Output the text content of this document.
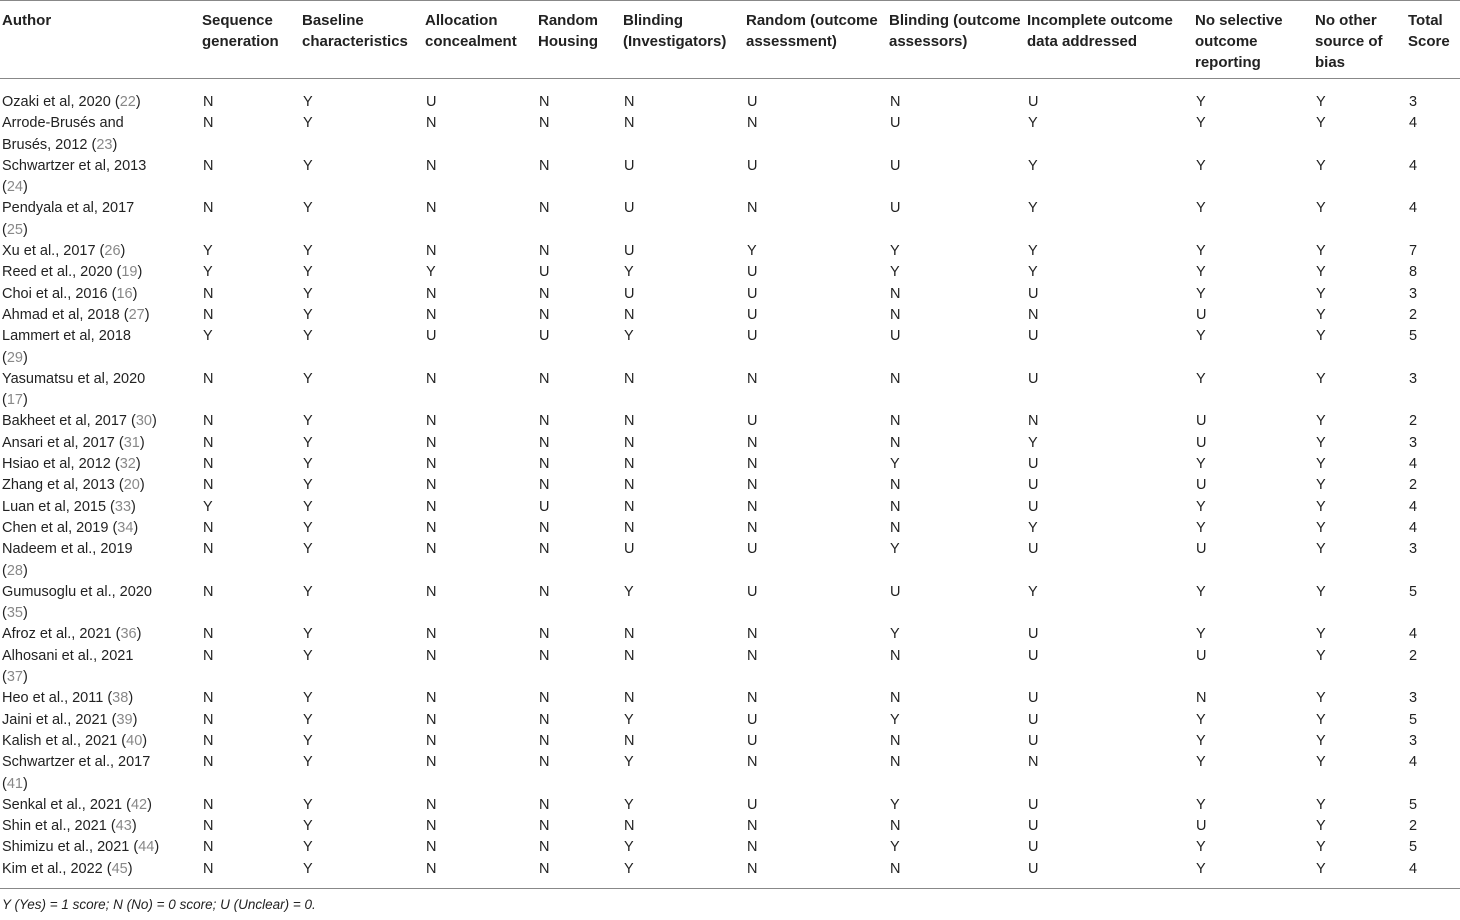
Author	Sequence generation	Baseline characteristics	Allocation concealment	Random Housing	Blinding (Investigators)	Random (outcome assessment)	Blinding (outcome assessors)	Incomplete outcome data addressed	No selective outcome reporting	No other source of bias	Total Score
Ozaki et al, 2020 (22)	N	Y	U	N	N	U	N	U	Y	Y	3
Arrode-Brusés and Brusés, 2012 (23)	N	Y	N	N	N	N	U	Y	Y	Y	4
Schwartzer et al, 2013 (24)	N	Y	N	N	U	U	U	Y	Y	Y	4
Pendyala et al, 2017 (25)	N	Y	N	N	U	N	U	Y	Y	Y	4
Xu et al., 2017 (26)	Y	Y	N	N	U	Y	Y	Y	Y	Y	7
Reed et al., 2020 (19)	Y	Y	Y	U	Y	U	Y	Y	Y	Y	8
Choi et al., 2016 (16)	N	Y	N	N	U	U	N	U	Y	Y	3
Ahmad et al, 2018 (27)	N	Y	N	N	N	U	N	N	U	Y	2
Lammert et al, 2018 (29)	Y	Y	U	U	Y	U	U	U	Y	Y	5
Yasumatsu et al, 2020 (17)	N	Y	N	N	N	N	N	U	Y	Y	3
Bakheet et al, 2017 (30)	N	Y	N	N	N	U	N	N	U	Y	2
Ansari et al, 2017 (31)	N	Y	N	N	N	N	N	Y	U	Y	3
Hsiao et al, 2012 (32)	N	Y	N	N	N	N	Y	U	Y	Y	4
Zhang et al, 2013 (20)	N	Y	N	N	N	N	N	U	U	Y	2
Luan et al, 2015 (33)	Y	Y	N	U	N	N	N	U	Y	Y	4
Chen et al, 2019 (34)	N	Y	N	N	N	N	N	Y	Y	Y	4
Nadeem et al., 2019 (28)	N	Y	N	N	U	U	Y	U	U	Y	3
Gumusoglu et al., 2020 (35)	N	Y	N	N	Y	U	U	Y	Y	Y	5
Afroz et al., 2021 (36)	N	Y	N	N	N	N	Y	U	Y	Y	4
Alhosani et al., 2021 (37)	N	Y	N	N	N	N	N	U	U	Y	2
Heo et al., 2011 (38)	N	Y	N	N	N	N	N	U	N	Y	3
Jaini et al., 2021 (39)	N	Y	N	N	Y	U	Y	U	Y	Y	5
Kalish et al., 2021 (40)	N	Y	N	N	N	U	N	U	Y	Y	3
Schwartzer et al., 2017 (41)	N	Y	N	N	Y	N	N	N	Y	Y	4
Senkal et al., 2021 (42)	N	Y	N	N	Y	U	Y	U	Y	Y	5
Shin et al., 2021 (43)	N	Y	N	N	N	N	N	U	U	Y	2
Shimizu et al., 2021 (44)	N	Y	N	N	Y	N	Y	U	Y	Y	5
Kim et al., 2022 (45)	N	Y	N	N	Y	N	N	U	Y	Y	4
Y (Yes) = 1 score; N (No) = 0 score; U (Unclear) = 0.
